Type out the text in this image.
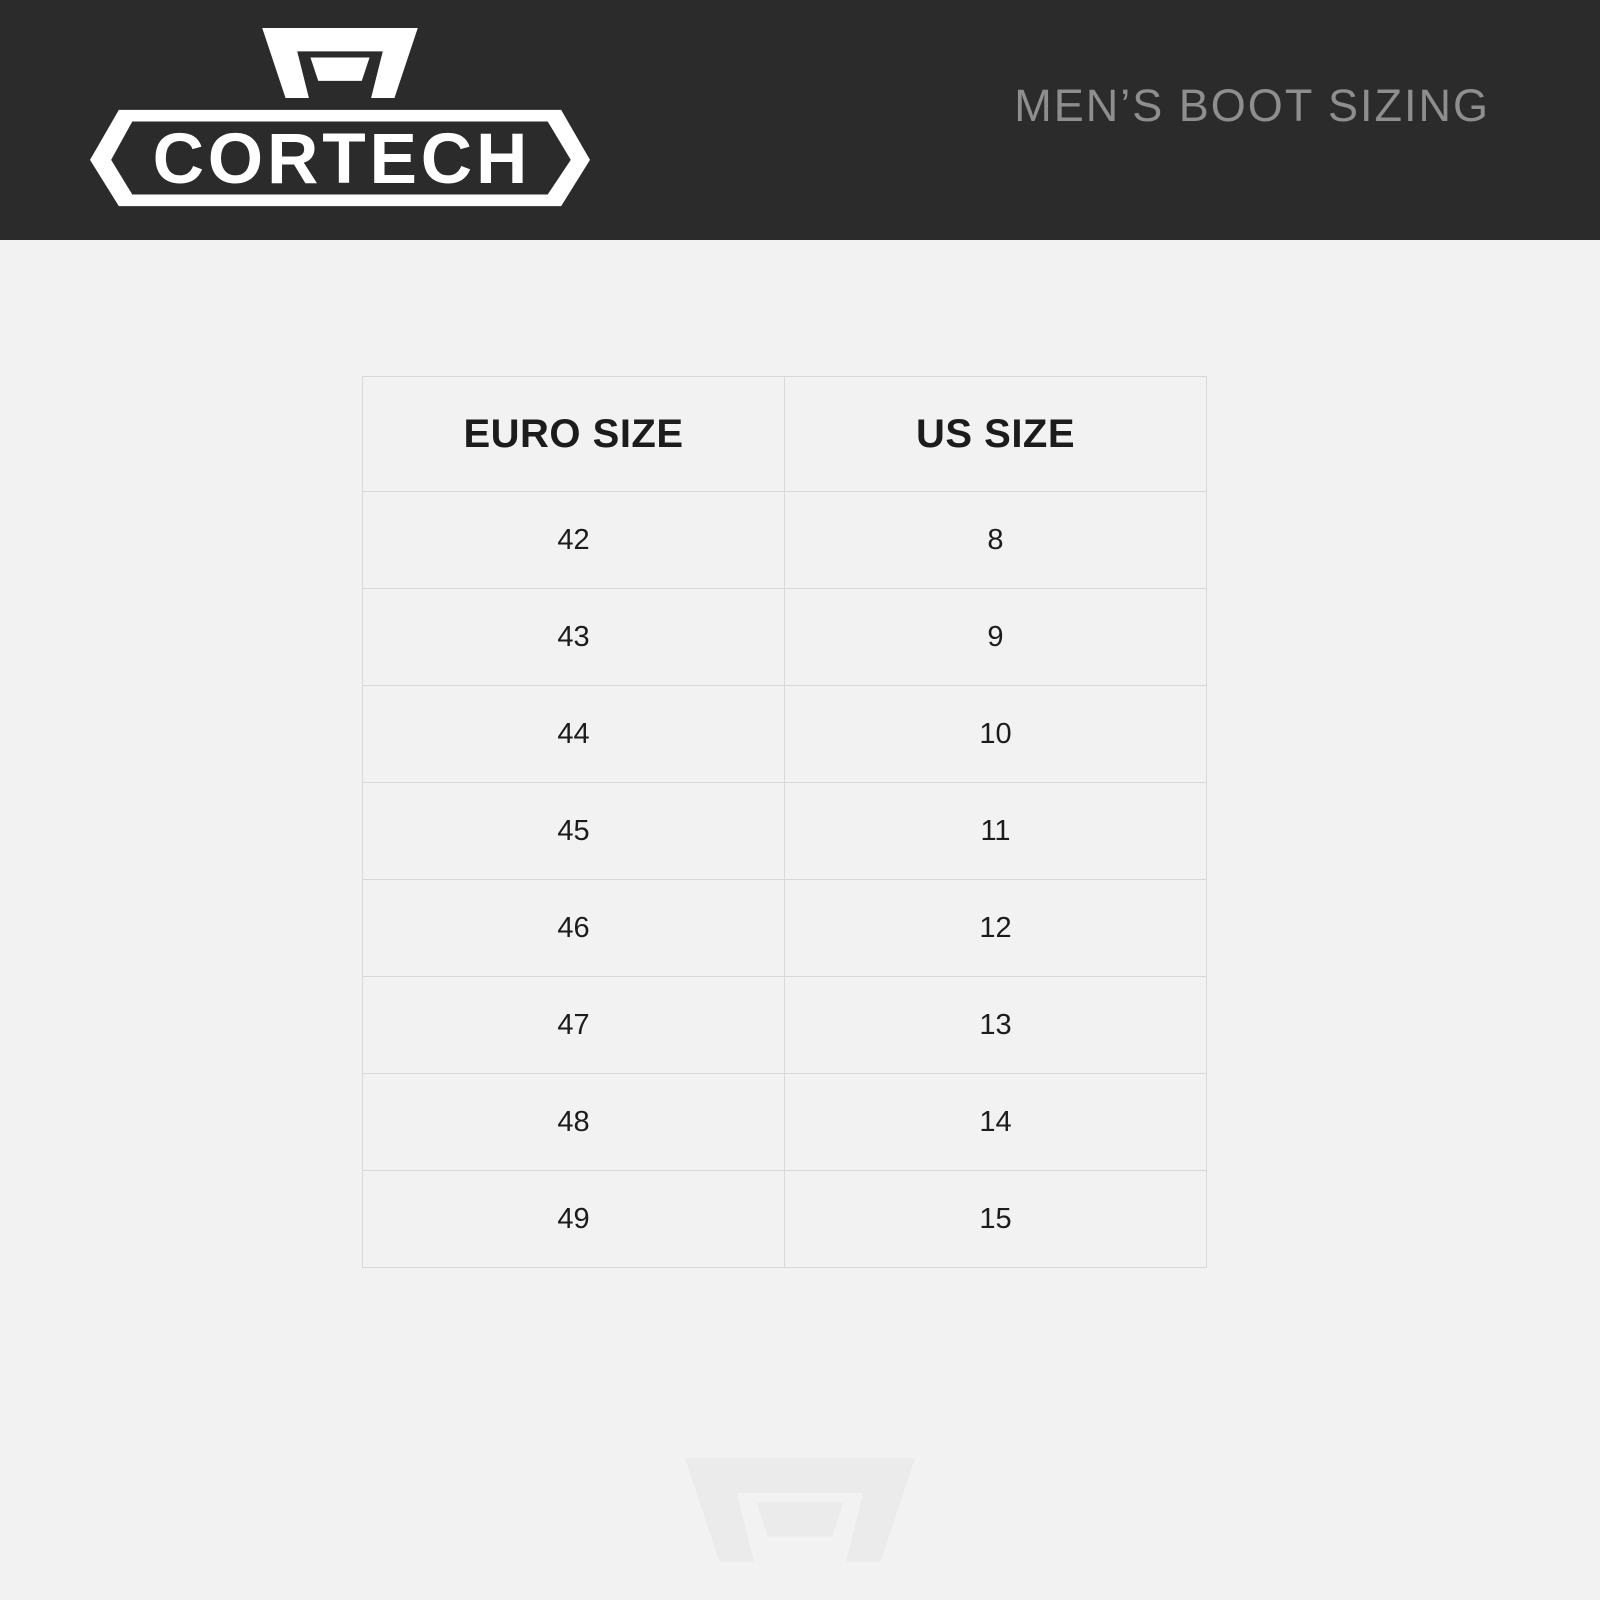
CORTECH
MEN’S BOOT SIZING
EURO SIZE	US SIZE
42	8
43	9
44	10
45	11
46	12
47	13
48	14
49	15
